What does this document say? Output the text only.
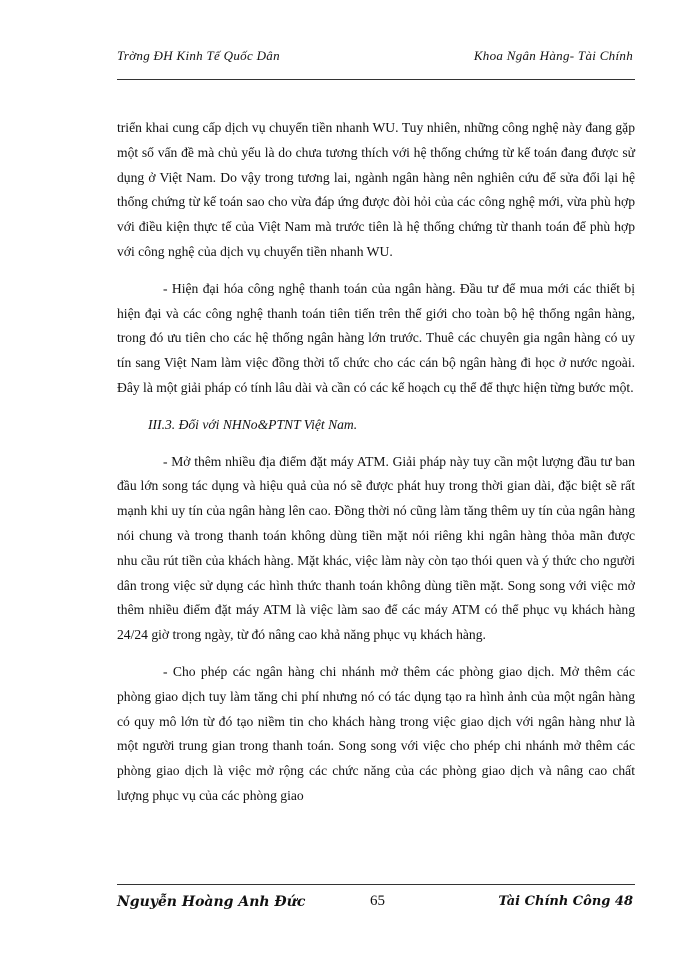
Trờng ĐH Kinh Tế Quốc Dân	Khoa Ngân Hàng- Tài Chính

triển khai cung cấp dịch vụ chuyển tiền nhanh WU. Tuy nhiên, những công nghệ này đang gặp một số vấn đề mà chủ yếu là do chưa tương thích với hệ thống chứng từ kế toán đang được sử dụng ở Việt Nam. Do vậy trong tương lai, ngành ngân hàng nên nghiên cứu để sửa đổi lại hệ thống chứng từ kế toán sao cho vừa đáp ứng được đòi hỏi của các công nghệ mới, vừa phù hợp với điều kiện thực tế của Việt Nam mà trước tiên là hệ thống chứng từ thanh toán để phù hợp với công nghệ của dịch vụ chuyển tiền nhanh WU.

- Hiện đại hóa công nghệ thanh toán của ngân hàng. Đầu tư để mua mới các thiết bị hiện đại và các công nghệ thanh toán tiên tiến trên thế giới cho toàn bộ hệ thống ngân hàng, trong đó ưu tiên cho các hệ thống ngân hàng lớn trước. Thuê các chuyên gia ngân hàng có uy tín sang Việt Nam làm việc đồng thời tổ chức cho các cán bộ ngân hàng đi học ở nước ngoài. Đây là một giải pháp có tính lâu dài và cần có các kế hoạch cụ thể để thực hiện từng bước một.

III.3. Đối với NHNo&PTNT Việt Nam.

- Mở thêm nhiều địa điểm đặt máy ATM. Giải pháp này tuy cần một lượng đầu tư ban đầu lớn song tác dụng và hiệu quả của nó sẽ được phát huy trong thời gian dài, đặc biệt sẽ rất mạnh khi uy tín của ngân hàng lên cao. Đồng thời nó cũng làm tăng thêm uy tín của ngân hàng nói chung và trong thanh toán không dùng tiền mặt nói riêng khi ngân hàng thỏa mãn được nhu cầu rút tiền của khách hàng. Mặt khác, việc làm này còn tạo thói quen và ý thức cho người dân trong việc sử dụng các hình thức thanh toán không dùng tiền mặt. Song song với việc mở thêm nhiều điểm đặt máy ATM là việc làm sao để các máy ATM có thể phục vụ khách hàng 24/24 giờ trong ngày, từ đó nâng cao khả năng phục vụ khách hàng.

- Cho phép các ngân hàng chi nhánh mở thêm các phòng giao dịch. Mở thêm các phòng giao dịch tuy làm tăng chi phí nhưng nó có tác dụng tạo ra hình ảnh của một ngân hàng có quy mô lớn từ đó tạo niềm tin cho khách hàng trong việc giao dịch với ngân hàng như là một người trung gian trong thanh toán. Song song với việc cho phép chi nhánh mở thêm các phòng giao dịch là việc mở rộng các chức năng của các phòng giao dịch và nâng cao chất lượng phục vụ của các phòng giao

Nguyễn Hoàng Anh Đức	65	Tài Chính Công 48
